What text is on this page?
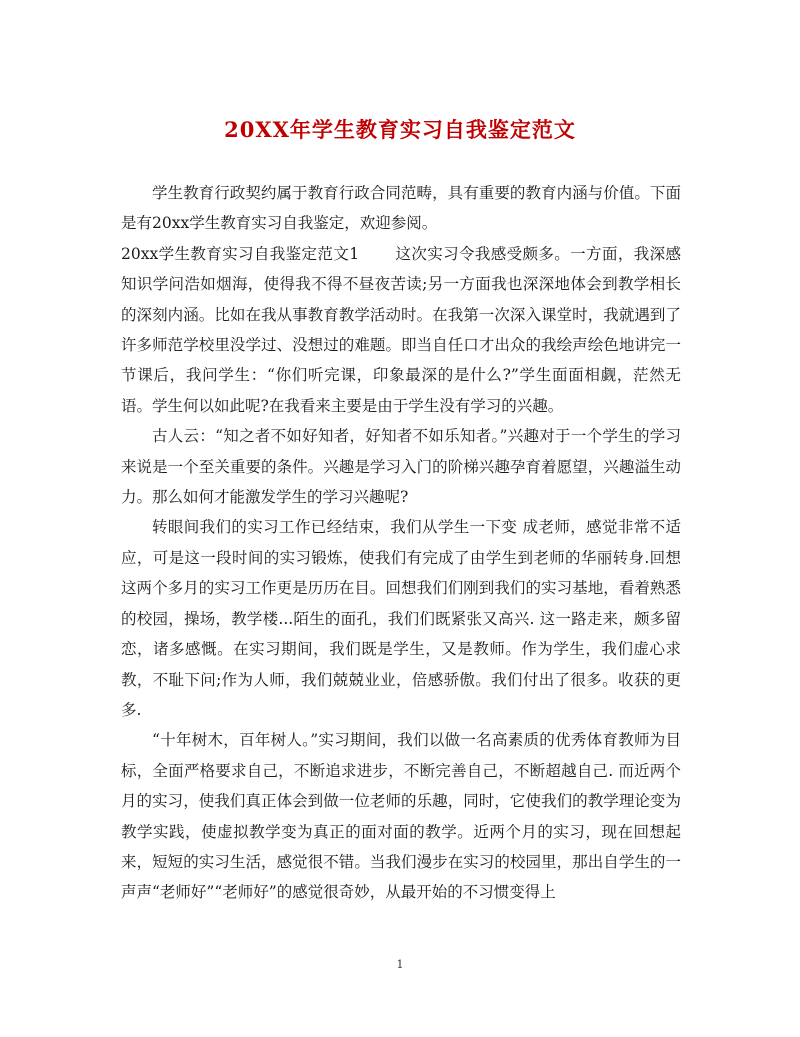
20XX年学生教育实习自我鉴定范文

学生教育行政契约属于教育行政合同范畴，具有重要的教育内涵与价值。下面是有20xx学生教育实习自我鉴定，欢迎参阅。

20xx学生教育实习自我鉴定范文1 这次实习令我感受颇多。一方面，我深感知识学问浩如烟海，使得我不得不昼夜苦读;另一方面我也深深地体会到教学相长的深刻内涵。比如在我从事教育教学活动时。在我第一次深入课堂时，我就遇到了许多师范学校里没学过、没想过的难题。即当自任口才出众的我绘声绘色地讲完一节课后，我问学生：“你们听完课，印象最深的是什么?”学生面面相觑，茫然无语。学生何以如此呢?在我看来主要是由于学生没有学习的兴趣。

古人云：“知之者不如好知者，好知者不如乐知者。”兴趣对于一个学生的学习来说是一个至关重要的条件。兴趣是学习入门的阶梯兴趣孕育着愿望，兴趣溢生动力。那么如何才能激发学生的学习兴趣呢?

转眼间我们的实习工作已经结束，我们从学生一下变 成老师，感觉非常不适应，可是这一段时间的实习锻炼，使我们有完成了由学生到老师的华丽转身.回想这两个多月的实习工作更是历历在目。回想我们们刚到我们的实习基地，看着熟悉的校园，操场，教学楼...陌生的面孔，我们们既紧张又高兴. 这一路走来，颇多留恋，诸多感慨。在实习期间，我们既是学生，又是教师。作为学生，我们虚心求教，不耻下问;作为人师，我们兢兢业业，倍感骄傲。我们付出了很多。收获的更多.

“十年树木，百年树人。”实习期间，我们以做一名高素质的优秀体育教师为目标，全面严格要求自己，不断追求进步，不断完善自己，不断超越自己. 而近两个月的实习，使我们真正体会到做一位老师的乐趣，同时，它使我们的教学理论变为教学实践，使虚拟教学变为真正的面对面的教学。近两个月的实习，现在回想起来，短短的实习生活，感觉很不错。当我们漫步在实习的校园里，那出自学生的一声声“老师好”“老师好”的感觉很奇妙，从最开始的不习惯变得上

1
